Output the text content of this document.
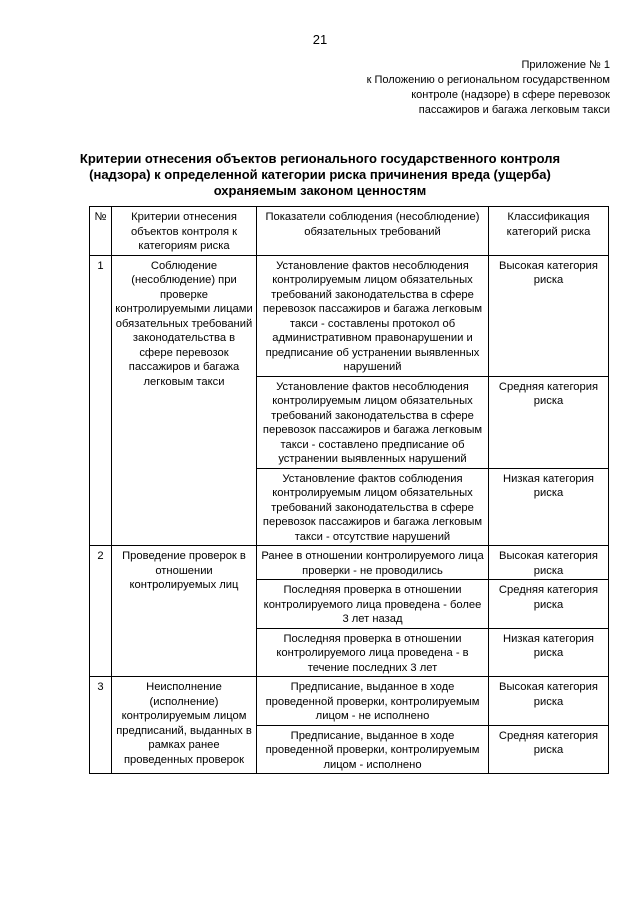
21
Приложение № 1
к Положению о региональном государственном
контроле (надзоре) в сфере перевозок
пассажиров и багажа легковым такси
Критерии отнесения объектов регионального государственного контроля
(надзора) к определенной категории риска причинения вреда (ущерба)
охраняемым законом ценностям
№	Критерии отнесения объектов контроля к категориям риска	Показатели соблюдения (несоблюдение) обязательных требований	Классификация категорий риска
1	Соблюдение (несоблюдение) при проверке контролируемыми лицами обязательных требований законодательства в сфере перевозок пассажиров и багажа легковым такси	Установление фактов несоблюдения контролируемым лицом обязательных требований законодательства в сфере перевозок пассажиров и багажа легковым такси - составлены протокол об административном правонарушении и предписание об устранении выявленных нарушений	Высокая категория риска
		Установление фактов несоблюдения контролируемым лицом обязательных требований законодательства в сфере перевозок пассажиров и багажа легковым такси - составлено предписание об устранении выявленных нарушений	Средняя категория риска
		Установление фактов соблюдения контролируемым лицом обязательных требований законодательства в сфере перевозок пассажиров и багажа легковым такси - отсутствие нарушений	Низкая категория риска
2	Проведение проверок в отношении контролируемых лиц	Ранее в отношении контролируемого лица проверки - не проводились	Высокая категория риска
		Последняя проверка в отношении контролируемого лица проведена - более 3 лет назад	Средняя категория риска
		Последняя проверка в отношении контролируемого лица проведена - в течение последних 3 лет	Низкая категория риска
3	Неисполнение (исполнение) контролируемым лицом предписаний, выданных в рамках ранее проведенных проверок	Предписание, выданное в ходе проведенной проверки, контролируемым лицом - не исполнено	Высокая категория риска
		Предписание, выданное в ходе проведенной проверки, контролируемым лицом - исполнено	Средняя категория риска
